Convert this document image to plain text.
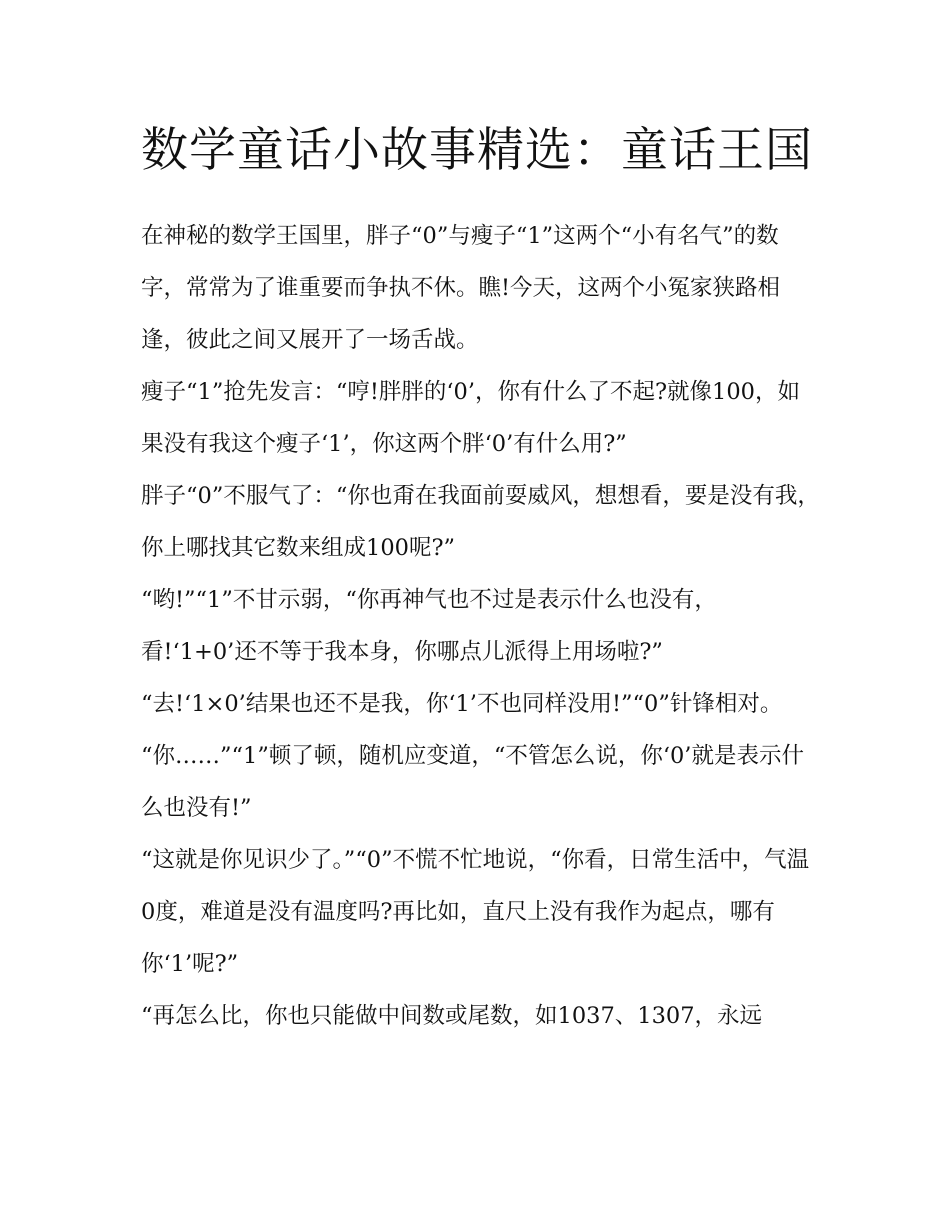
数学童话小故事精选：童话王国

在神秘的数学王国里，胖子“0”与瘦子“1”这两个“小有名气”的数字，常常为了谁重要而争执不休。瞧!今天，这两个小冤家狭路相逢，彼此之间又展开了一场舌战。

瘦子“1”抢先发言：“哼!胖胖的‘0’，你有什么了不起?就像100，如果没有我这个瘦子‘1’，你这两个胖‘0’有什么用?”

胖子“0”不服气了：“你也甭在我面前耍威风，想想看，要是没有我，你上哪找其它数来组成100呢?”

“哟!”“1”不甘示弱，“你再神气也不过是表示什么也没有，看!‘1+0’还不等于我本身，你哪点儿派得上用场啦?”

“去!‘1×0’结果也还不是我，你‘1’不也同样没用!”“0”针锋相对。

“你……”“1”顿了顿，随机应变道，“不管怎么说，你‘0’就是表示什么也没有!”

“这就是你见识少了。”“0”不慌不忙地说，“你看，日常生活中，气温0度，难道是没有温度吗?再比如，直尺上没有我作为起点，哪有你‘1’呢?”

“再怎么比，你也只能做中间数或尾数，如1037、1307，永远
